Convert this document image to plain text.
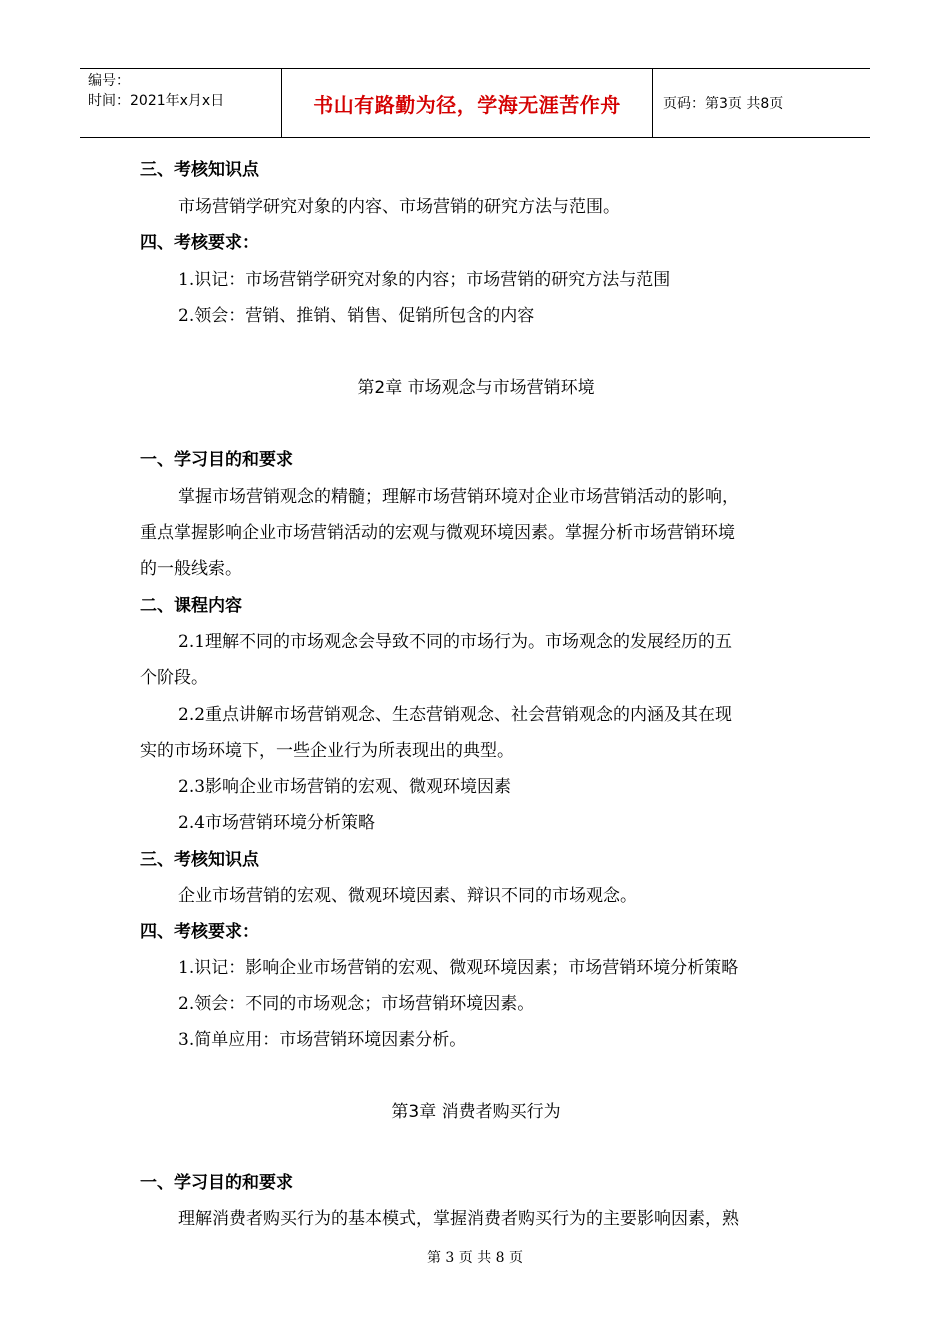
编号：
时间：2021年x月x日	书山有路勤为径，学海无涯苦作舟	页码：第3页 共8页
三、考核知识点
市场营销学研究对象的内容、市场营销的研究方法与范围。
四、考核要求：
1.识记：市场营销学研究对象的内容；市场营销的研究方法与范围
2.领会：营销、推销、销售、促销所包含的内容
第2章 市场观念与市场营销环境
一、学习目的和要求
掌握市场营销观念的精髓；理解市场营销环境对企业市场营销活动的影响，
重点掌握影响企业市场营销活动的宏观与微观环境因素。掌握分析市场营销环境
的一般线索。
二、课程内容
2.1理解不同的市场观念会导致不同的市场行为。市场观念的发展经历的五
个阶段。
2.2重点讲解市场营销观念、生态营销观念、社会营销观念的内涵及其在现
实的市场环境下，一些企业行为所表现出的典型。
2.3影响企业市场营销的宏观、微观环境因素
2.4市场营销环境分析策略
三、考核知识点
企业市场营销的宏观、微观环境因素、辩识不同的市场观念。
四、考核要求：
1.识记：影响企业市场营销的宏观、微观环境因素；市场营销环境分析策略
2.领会：不同的市场观念；市场营销环境因素。
3.简单应用：市场营销环境因素分析。
第3章 消费者购买行为
一、学习目的和要求
理解消费者购买行为的基本模式，掌握消费者购买行为的主要影响因素，熟
第 3 页 共 8 页
